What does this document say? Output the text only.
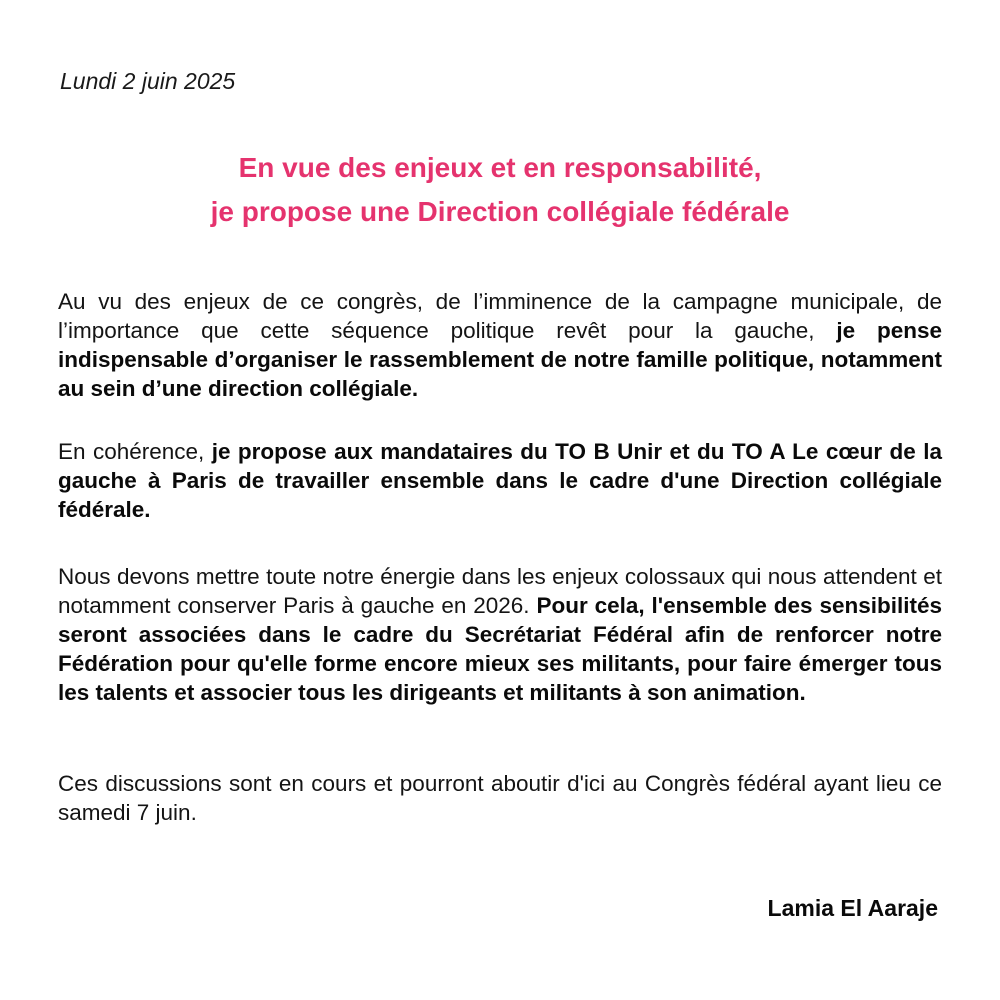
Lundi 2 juin 2025

En vue des enjeux et en responsabilité,
je propose une Direction collégiale fédérale

Au vu des enjeux de ce congrès, de l’imminence de la campagne municipale, de l’importance que cette séquence politique revêt pour la gauche, je pense indispensable d’organiser le rassemblement de notre famille politique, notamment au sein d’une direction collégiale.

En cohérence, je propose aux mandataires du TO B Unir et du TO A Le cœur de la gauche à Paris de travailler ensemble dans le cadre d'une Direction collégiale fédérale.

Nous devons mettre toute notre énergie dans les enjeux colossaux qui nous attendent et notamment conserver Paris à gauche en 2026. Pour cela, l'ensemble des sensibilités seront associées dans le cadre du Secrétariat Fédéral afin de renforcer notre Fédération pour qu'elle forme encore mieux ses militants, pour faire émerger tous les talents et associer tous les dirigeants et militants à son animation.

Ces discussions sont en cours et pourront aboutir d'ici au Congrès fédéral ayant lieu ce samedi 7 juin.

Lamia El Aaraje
